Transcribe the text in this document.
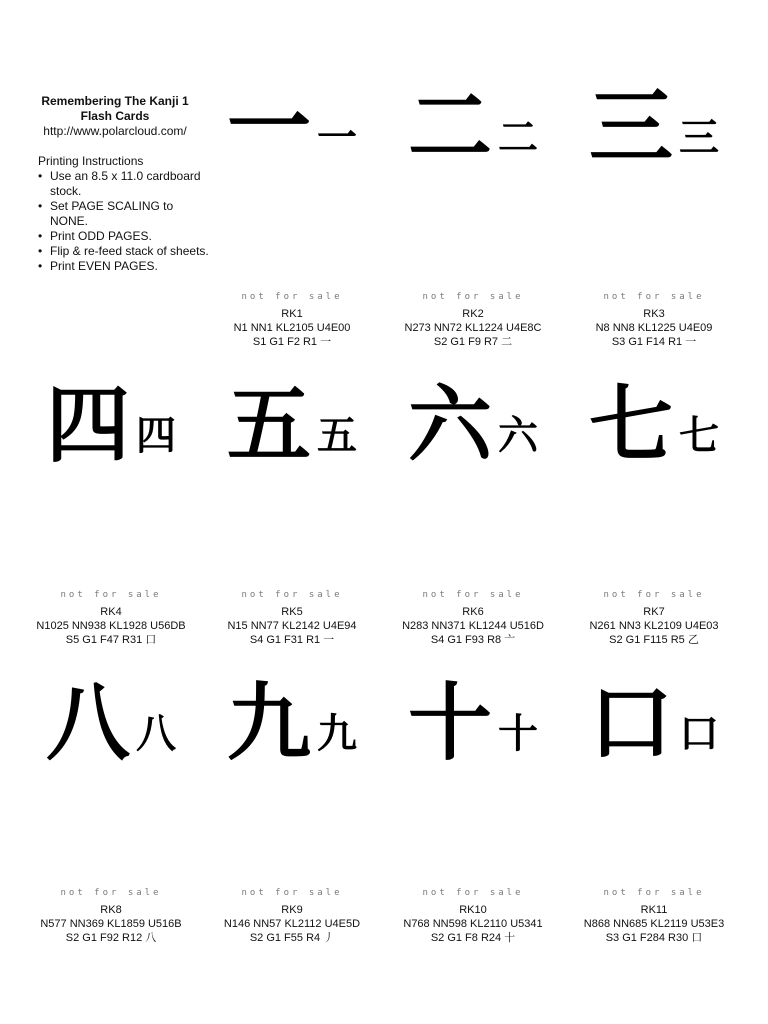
Remembering The Kanji 1
Flash Cards
http://www.polarcloud.com/
Printing Instructions
• Use an 8.5 x 11.0 cardboard stock.
• Set PAGE SCALING to NONE.
• Print ODD PAGES.
• Flip & re-feed stack of sheets.
• Print EVEN PAGES.
一 一
not for sale
RK1
N1 NN1 KL2105 U4E00
S1 G1 F2 R1 一
二 二
not for sale
RK2
N273 NN72 KL1224 U4E8C
S2 G1 F9 R7 二
三 三
not for sale
RK3
N8 NN8 KL1225 U4E09
S3 G1 F14 R1 一
四 四
not for sale
RK4
N1025 NN938 KL1928 U56DB
S5 G1 F47 R31 口
五 五
not for sale
RK5
N15 NN77 KL2142 U4E94
S4 G1 F31 R1 一
六 六
not for sale
RK6
N283 NN371 KL1244 U516D
S4 G1 F93 R8 亠
七 七
not for sale
RK7
N261 NN3 KL2109 U4E03
S2 G1 F115 R5 乙
八 八
not for sale
RK8
N577 NN369 KL1859 U516B
S2 G1 F92 R12 八
九 九
not for sale
RK9
N146 NN57 KL2112 U4E5D
S2 G1 F55 R4 丿
十 十
not for sale
RK10
N768 NN598 KL2110 U5341
S2 G1 F8 R24 十
口 口
not for sale
RK11
N868 NN685 KL2119 U53E3
S3 G1 F284 R30 口
